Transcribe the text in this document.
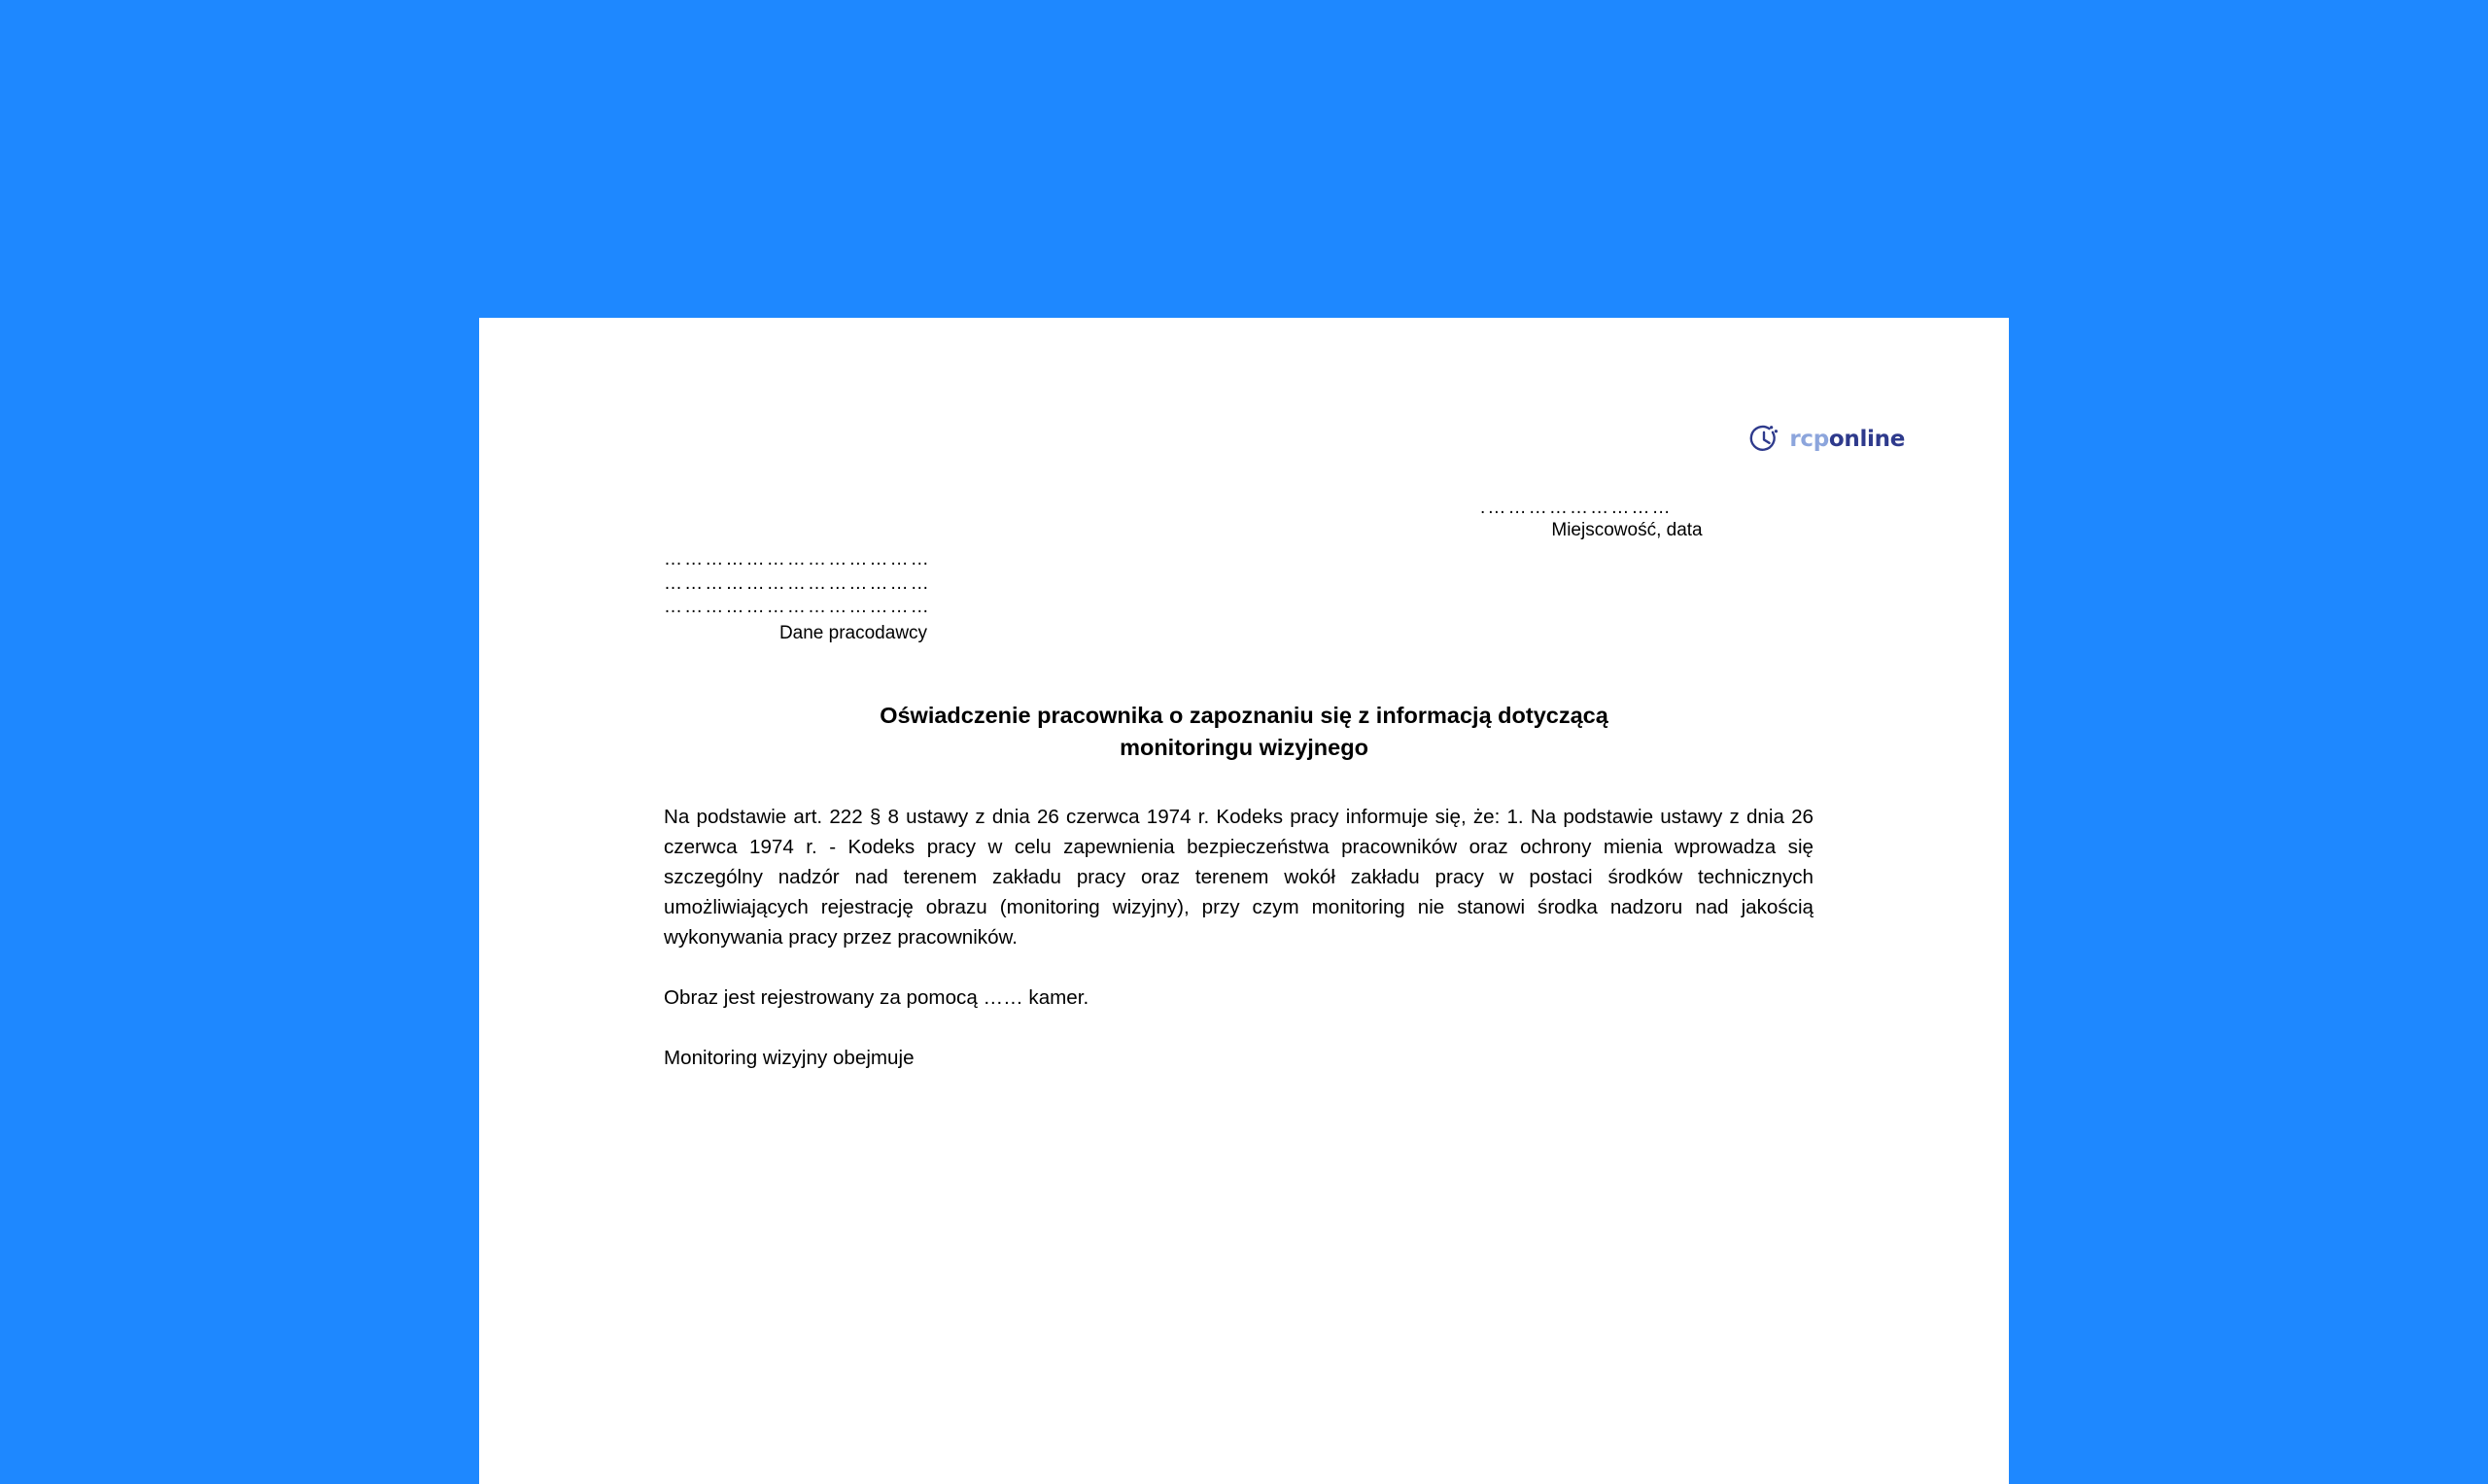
rcponline
.………………………
Miejscowość, data
…………………………………
…………………………………
…………………………………
Dane pracodawcy
Oświadczenie pracownika o zapoznaniu się z informacją dotyczącą
monitoringu wizyjnego

Na podstawie art. 222 § 8 ustawy z dnia 26 czerwca 1974 r. Kodeks pracy informuje się, że: 1. Na podstawie ustawy z dnia 26 czerwca 1974 r. - Kodeks pracy w celu zapewnienia bezpieczeństwa pracowników oraz ochrony mienia wprowadza się szczególny nadzór nad terenem zakładu pracy oraz terenem wokół zakładu pracy w postaci środków technicznych umożliwiających rejestrację obrazu (monitoring wizyjny), przy czym monitoring nie stanowi środka nadzoru nad jakością wykonywania pracy przez pracowników.

Obraz jest rejestrowany za pomocą …… kamer.

Monitoring wizyjny obejmuje
